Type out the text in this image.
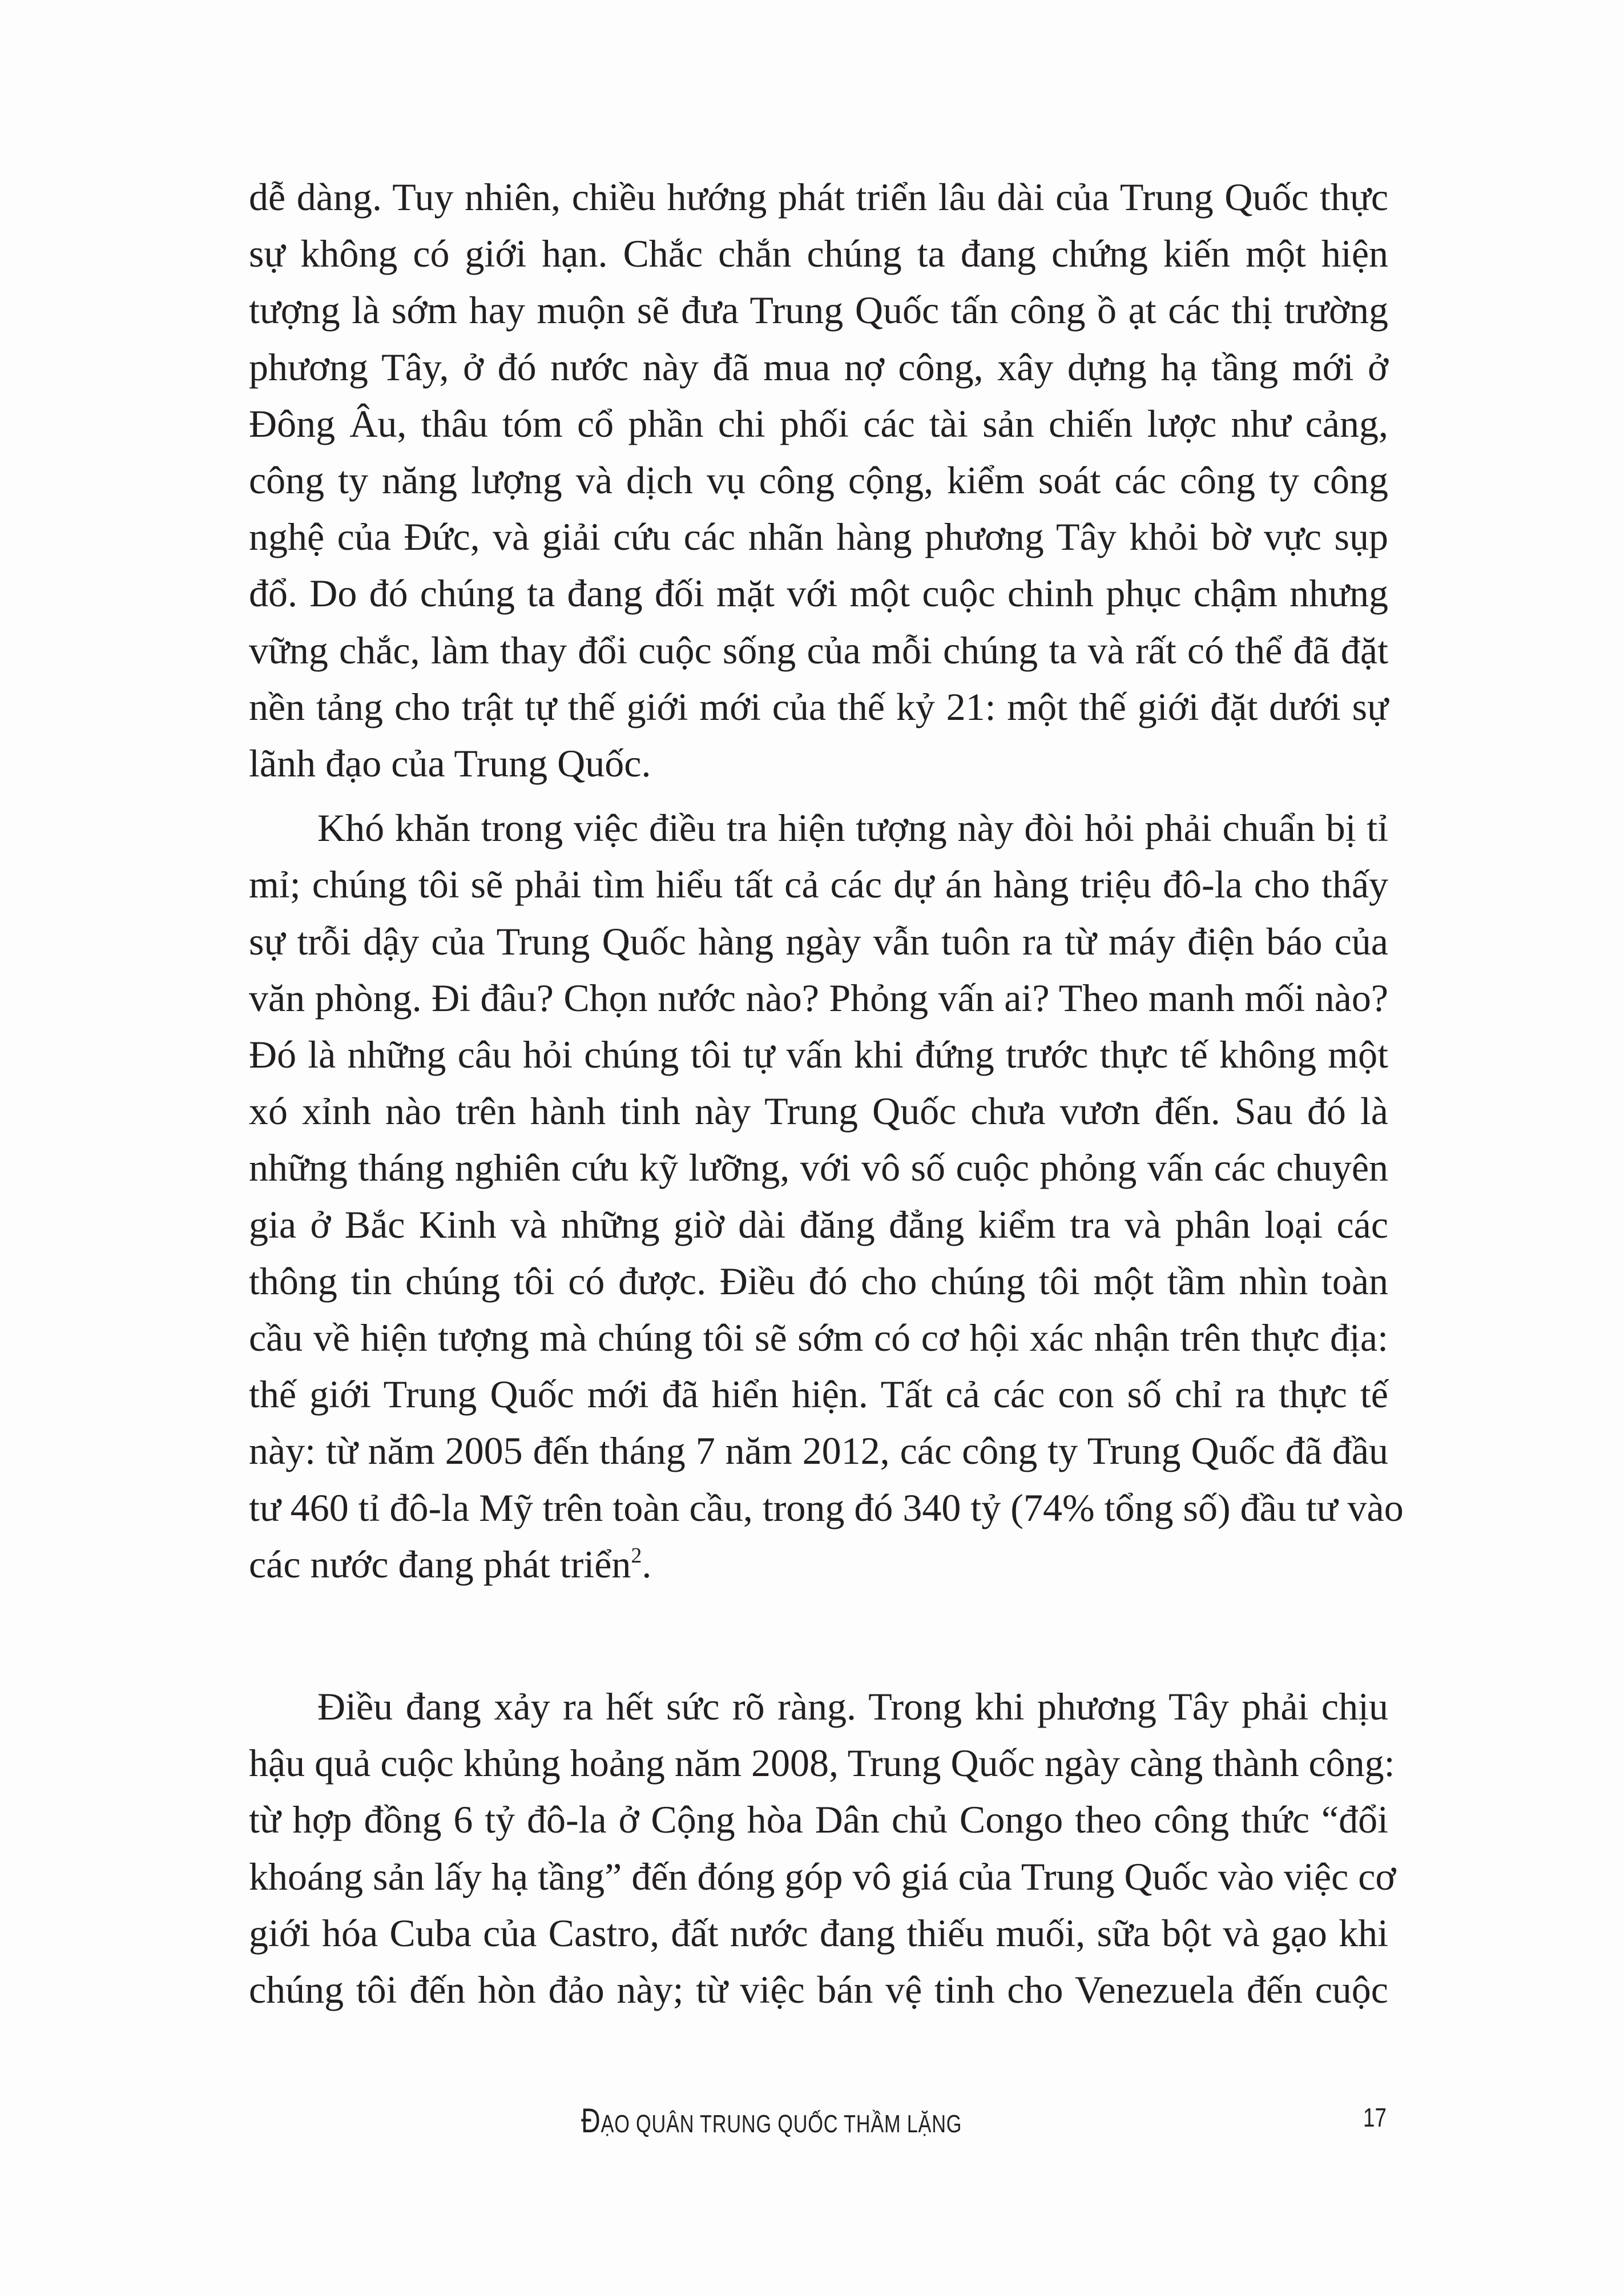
dễ dàng. Tuy nhiên, chiều hướng phát triển lâu dài của Trung Quốc thực
sự không có giới hạn. Chắc chắn chúng ta đang chứng kiến một hiện
tượng là sớm hay muộn sẽ đưa Trung Quốc tấn công ồ ạt các thị trường
phương Tây, ở đó nước này đã mua nợ công, xây dựng hạ tầng mới ở
Đông Âu, thâu tóm cổ phần chi phối các tài sản chiến lược như cảng,
công ty năng lượng và dịch vụ công cộng, kiểm soát các công ty công
nghệ của Đức, và giải cứu các nhãn hàng phương Tây khỏi bờ vực sụp
đổ. Do đó chúng ta đang đối mặt với một cuộc chinh phục chậm nhưng
vững chắc, làm thay đổi cuộc sống của mỗi chúng ta và rất có thể đã đặt
nền tảng cho trật tự thế giới mới của thế kỷ 21: một thế giới đặt dưới sự
lãnh đạo của Trung Quốc.

Khó khăn trong việc điều tra hiện tượng này đòi hỏi phải chuẩn bị tỉ
mỉ; chúng tôi sẽ phải tìm hiểu tất cả các dự án hàng triệu đô-la cho thấy
sự trỗi dậy của Trung Quốc hàng ngày vẫn tuôn ra từ máy điện báo của
văn phòng. Đi đâu? Chọn nước nào? Phỏng vấn ai? Theo manh mối nào?
Đó là những câu hỏi chúng tôi tự vấn khi đứng trước thực tế không một
xó xỉnh nào trên hành tinh này Trung Quốc chưa vươn đến. Sau đó là
những tháng nghiên cứu kỹ lưỡng, với vô số cuộc phỏng vấn các chuyên
gia ở Bắc Kinh và những giờ dài đăng đẳng kiểm tra và phân loại các
thông tin chúng tôi có được. Điều đó cho chúng tôi một tầm nhìn toàn
cầu về hiện tượng mà chúng tôi sẽ sớm có cơ hội xác nhận trên thực địa:
thế giới Trung Quốc mới đã hiển hiện. Tất cả các con số chỉ ra thực tế
này: từ năm 2005 đến tháng 7 năm 2012, các công ty Trung Quốc đã đầu
tư 460 tỉ đô-la Mỹ trên toàn cầu, trong đó 340 tỷ (74% tổng số) đầu tư vào
các nước đang phát triển$^2$.

Điều đang xảy ra hết sức rõ ràng. Trong khi phương Tây phải chịu
hậu quả cuộc khủng hoảng năm 2008, Trung Quốc ngày càng thành công:
từ hợp đồng 6 tỷ đô-la ở Cộng hòa Dân chủ Congo theo công thức “đổi
khoáng sản lấy hạ tầng” đến đóng góp vô giá của Trung Quốc vào việc cơ
giới hóa Cuba của Castro, đất nước đang thiếu muối, sữa bột và gạo khi
chúng tôi đến hòn đảo này; từ việc bán vệ tinh cho Venezuela đến cuộc

ĐẠO QUÂN TRUNG QUỐC THẦM LẶNG	17
